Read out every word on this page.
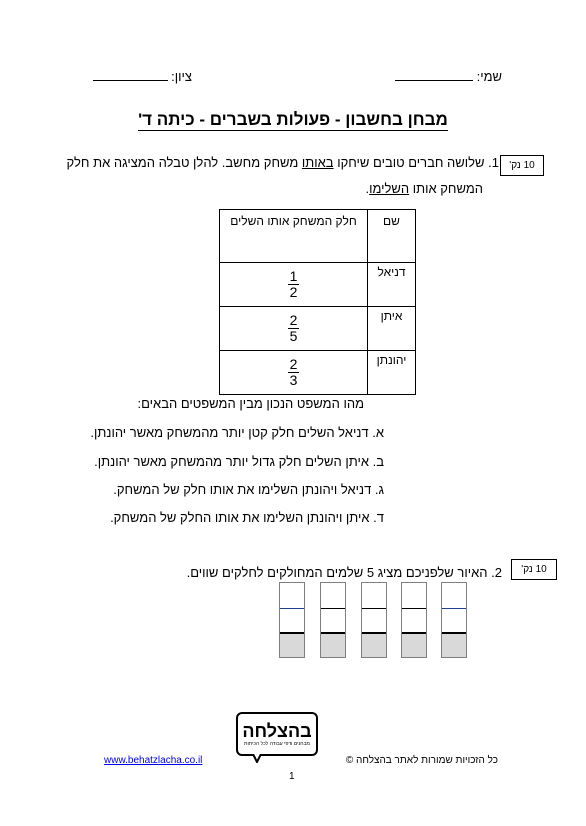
שמי:
ציון:
מבחן בחשבון - פעולות בשברים - כיתה ד'
10 נק'
1. שלושה חברים טובים שיחקו באותו משחק מחשב. להלן טבלה המציגה את חלק
המשחק אותו השלימו.
שם	חלק המשחק אותו השלים
דניאל	$\frac{1}{2}$

איתן	$\frac{2}{5}$

יהונתן	$\frac{2}{3}$
מהו המשפט הנכון מבין המשפטים הבאים:
א. דניאל השלים חלק קטן יותר מהמשחק מאשר יהונתן.
ב. איתן השלים חלק גדול יותר מהמשחק מאשר יהונתן.
ג. דניאל ויהונתן השלימו את אותו חלק של המשחק.
ד. איתן ויהונתן השלימו את אותו החלק של המשחק.
10 נק'
2. האיור שלפניכם מציג 5 שלמים המחולקים לחלקים שווים.
בהצלחה
מבחנים ודפי עבודה לכל הכיתות
כל הזכויות שמורות לאתר בהצלחה ©
www.behatzlacha.co.il
1
